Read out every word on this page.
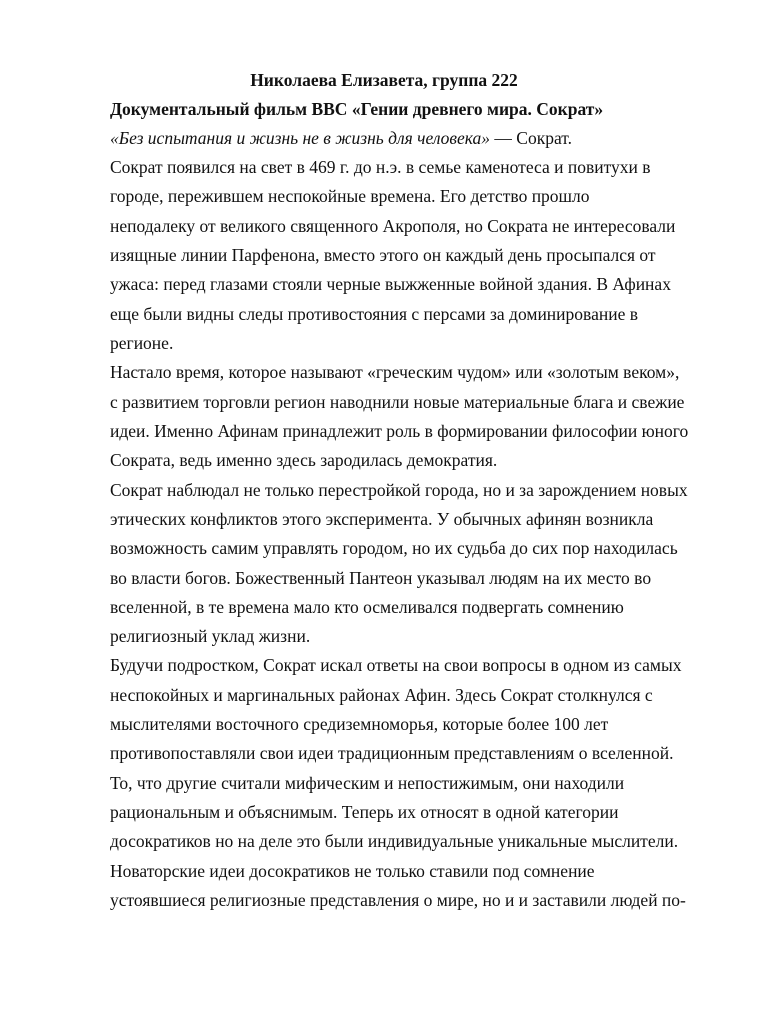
Николаева Елизавета, группа 222
Документальный фильм BBC «Гении древнего мира. Сократ»
«Без испытания и жизнь не в жизнь для человека» — Сократ.
Сократ появился на свет в 469 г. до н.э. в семье каменотеса и повитухи в
городе, пережившем неспокойные времена. Его детство прошло
неподалеку от великого священного Акрополя, но Сократа не интересовали
изящные линии Парфенона, вместо этого он каждый день просыпался от
ужаса: перед глазами стояли черные выжженные войной здания. В Афинах
еще были видны следы противостояния с персами за доминирование в
регионе.
Настало время, которое называют «греческим чудом» или «золотым веком»,
с развитием торговли регион наводнили новые материальные блага и свежие
идеи. Именно Афинам принадлежит роль в формировании философии юного
Сократа, ведь именно здесь зародилась демократия.
Сократ наблюдал не только перестройкой города, но и за зарождением новых
этических конфликтов этого эксперимента. У обычных афинян возникла
возможность самим управлять городом, но их судьба до сих пор находилась
во власти богов. Божественный Пантеон указывал людям на их место во
вселенной, в те времена мало кто осмеливался подвергать сомнению
религиозный уклад жизни.
Будучи подростком, Сократ искал ответы на свои вопросы в одном из самых
неспокойных и маргинальных районах Афин. Здесь Сократ столкнулся с
мыслителями восточного средиземноморья, которые более 100 лет
противопоставляли свои идеи традиционным представлениям о вселенной.
То, что другие считали мифическим и непостижимым, они находили
рациональным и объяснимым. Теперь их относят в одной категории
досократиков но на деле это были индивидуальные уникальные мыслители.
Новаторские идеи досократиков не только ставили под сомнение
устоявшиеся религиозные представления о мире, но и и заставили людей по-
